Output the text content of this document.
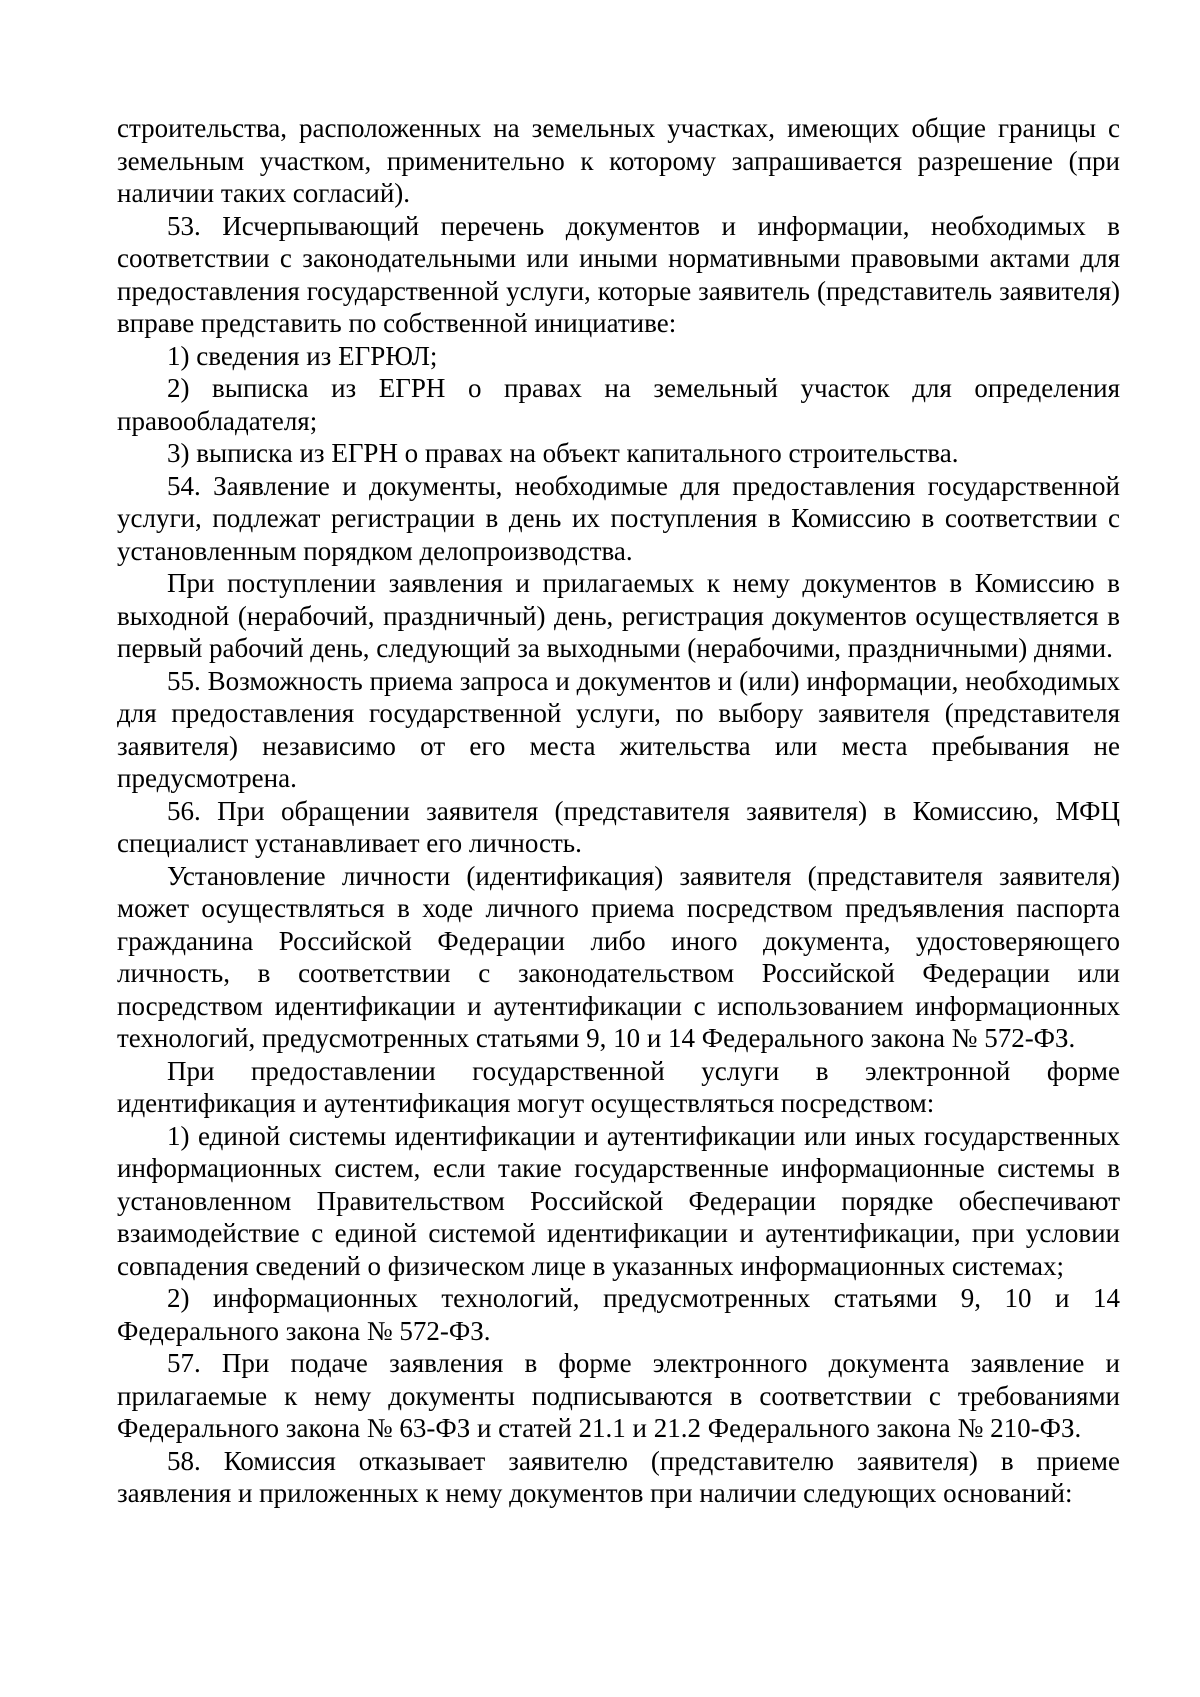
строительства, расположенных на земельных участках, имеющих общие границы с земельным участком, применительно к которому запрашивается разрешение (при наличии таких согласий).

53. Исчерпывающий перечень документов и информации, необходимых в соответствии с законодательными или иными нормативными правовыми актами для предоставления государственной услуги, которые заявитель (представитель заявителя) вправе представить по собственной инициативе:

1) сведения из ЕГРЮЛ;

2) выписка из ЕГРН о правах на земельный участок для определения правообладателя;

3) выписка из ЕГРН о правах на объект капитального строительства.

54. Заявление и документы, необходимые для предоставления государственной услуги, подлежат регистрации в день их поступления в Комиссию в соответствии с установленным порядком делопроизводства.

При поступлении заявления и прилагаемых к нему документов в Комиссию в выходной (нерабочий, праздничный) день, регистрация документов осуществляется в первый рабочий день, следующий за выходными (нерабочими, праздничными) днями.

55. Возможность приема запроса и документов и (или) информации, необходимых для предоставления государственной услуги, по выбору заявителя (представителя заявителя) независимо от его места жительства или места пребывания не предусмотрена.

56. При обращении заявителя (представителя заявителя) в Комиссию, МФЦ специалист устанавливает его личность.

Установление личности (идентификация) заявителя (представителя заявителя) может осуществляться в ходе личного приема посредством предъявления паспорта гражданина Российской Федерации либо иного документа, удостоверяющего личность, в соответствии с законодательством Российской Федерации или посредством идентификации и аутентификации с использованием информационных технологий, предусмотренных статьями 9, 10 и 14 Федерального закона № 572-ФЗ.

При предоставлении государственной услуги в электронной форме идентификация и аутентификация могут осуществляться посредством:

1) единой системы идентификации и аутентификации или иных государственных информационных систем, если такие государственные информационные системы в установленном Правительством Российской Федерации порядке обеспечивают взаимодействие с единой системой идентификации и аутентификации, при условии совпадения сведений о физическом лице в указанных информационных системах;

2) информационных технологий, предусмотренных статьями 9, 10 и 14 Федерального закона № 572-ФЗ.

57. При подаче заявления в форме электронного документа заявление и прилагаемые к нему документы подписываются в соответствии с требованиями Федерального закона № 63-ФЗ и статей 21.1 и 21.2 Федерального закона № 210-ФЗ.

58. Комиссия отказывает заявителю (представителю заявителя) в приеме заявления и приложенных к нему документов при наличии следующих оснований:
